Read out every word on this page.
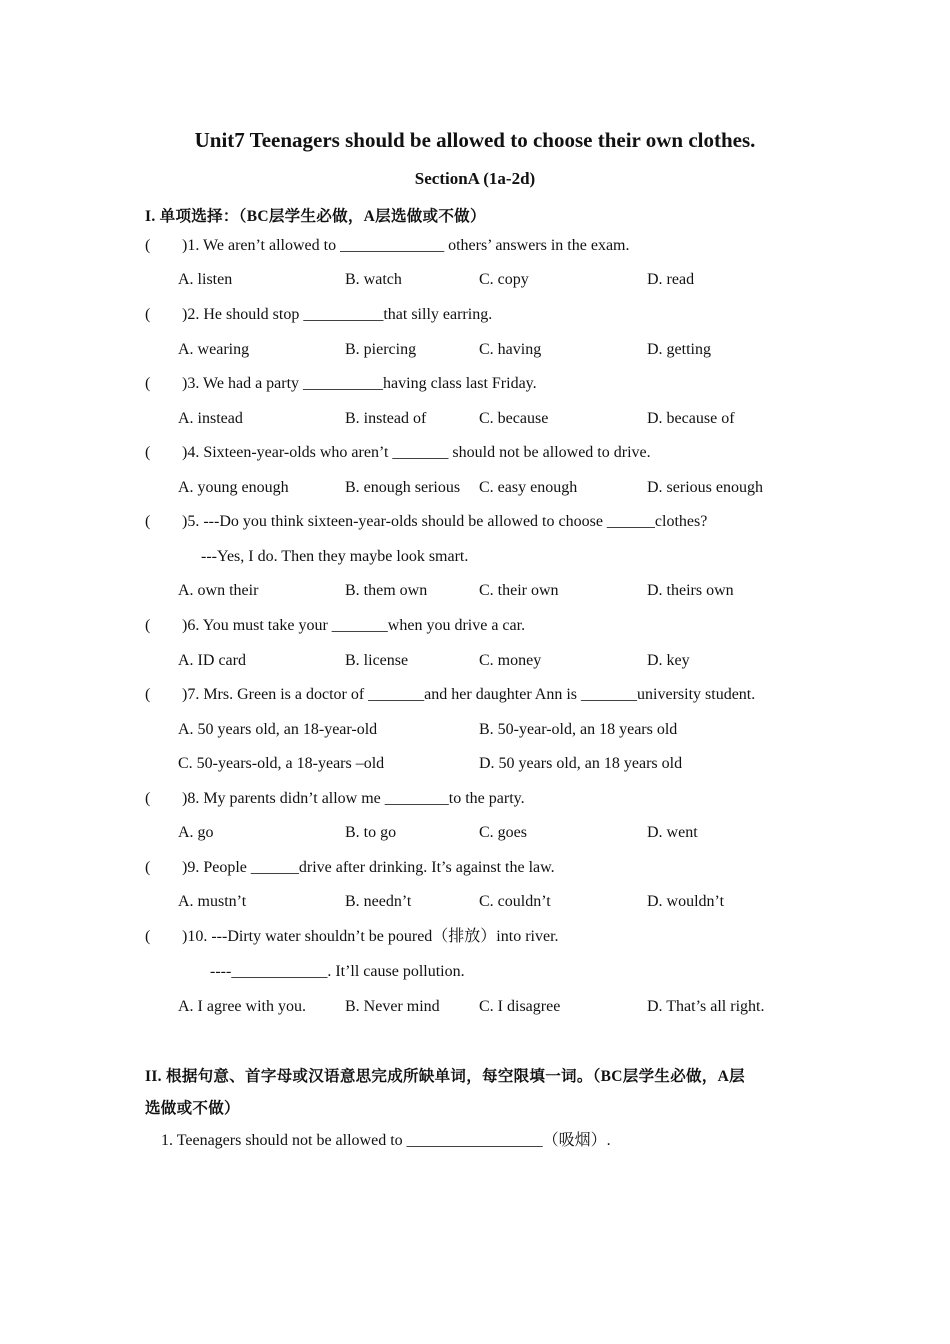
Unit7 Teenagers should be allowed to choose their own clothes.
SectionA (1a-2d)
I. 单项选择：（BC层学生必做，A层选做或不做）
( )1. We aren’t allowed to _____________ others’ answers in the exam.
A. listen	B. watch	C. copy	D. read
( )2. He should stop __________that silly earring.
A. wearing	B. piercing	C. having	D. getting
( )3. We had a party __________having class last Friday.
A. instead	B. instead of	C. because	D. because of
( )4. Sixteen-year-olds who aren’t _______ should not be allowed to drive.
A. young enough	B. enough serious C. easy enough	D. serious enough
( )5. ---Do you think sixteen-year-olds should be allowed to choose ______clothes?
---Yes, I do. Then they maybe look smart.
A. own their	B. them own	C. their own	D. theirs own
( )6. You must take your _______when you drive a car.
A. ID card	B. license	C. money	D. key
( )7. Mrs. Green is a doctor of _______and her daughter Ann is _______university student.
A. 50 years old, an 18-year-old	B. 50-year-old, an 18 years old
C. 50-years-old, a 18-years –old	D. 50 years old, an 18 years old
( )8. My parents didn’t allow me ________to the party.
A. go	B. to go	C. goes	D. went
( )9. People ______drive after drinking. It’s against the law.
A. mustn’t	B. needn’t	C. couldn’t	D. wouldn’t
( )10. ---Dirty water shouldn’t be poured（排放）into river.
----____________. It’ll cause pollution.
A. I agree with you. B. Never mind C. I disagree	D. That’s all right.
II. 根据句意、首字母或汉语意思完成所缺单词，每空限填一词。（BC层学生必做，A层
选做或不做）
1. Teenagers should not be allowed to _________________（吸烟）.
